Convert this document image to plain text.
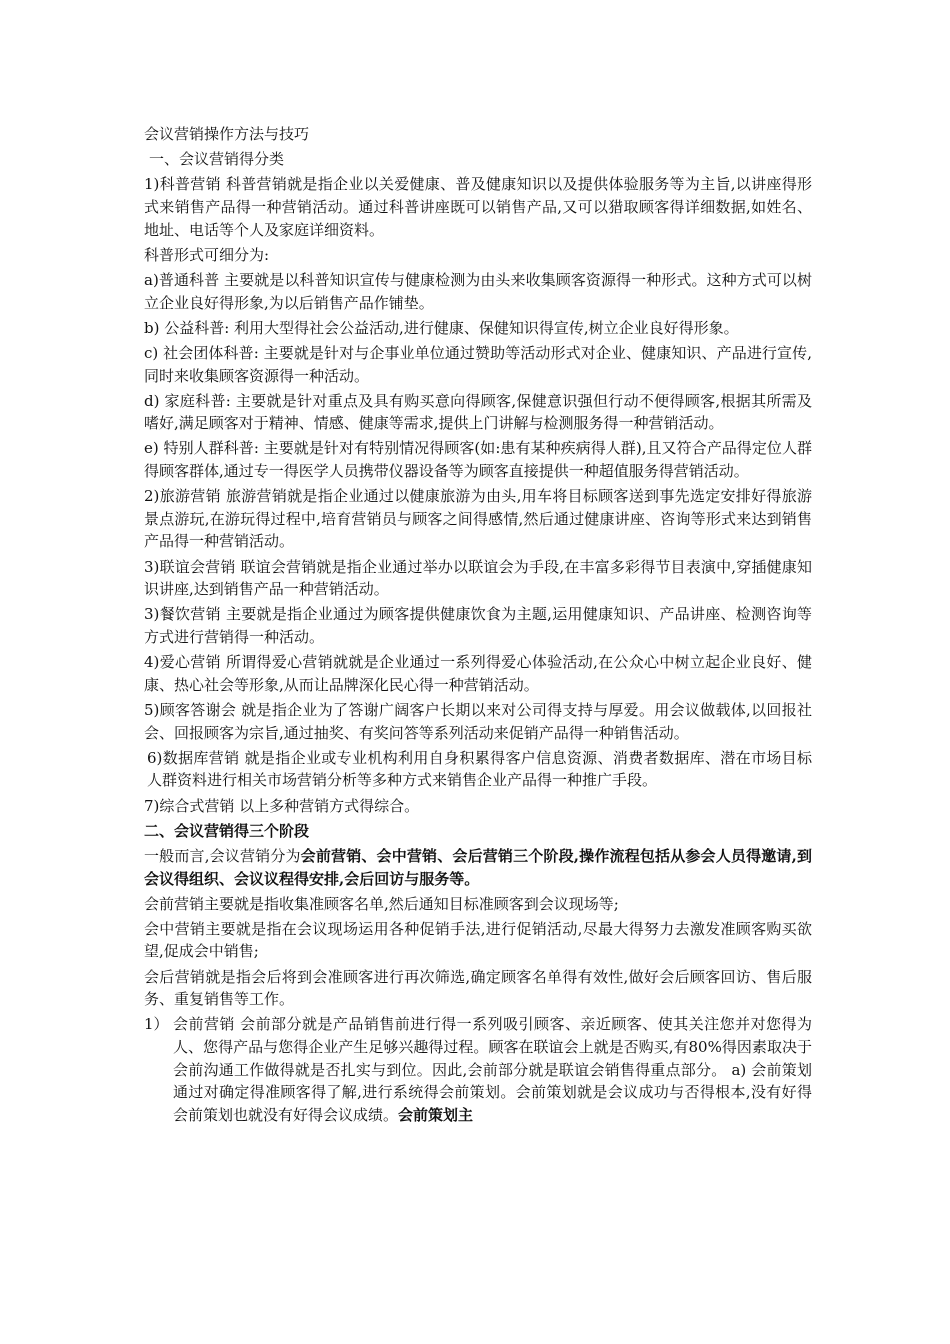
会议营销操作方法与技巧

一、会议营销得分类

1)科普营销 科普营销就是指企业以关爱健康、普及健康知识以及提供体验服务等为主旨,以讲座得形式来销售产品得一种营销活动。通过科普讲座既可以销售产品,又可以猎取顾客得详细数据,如姓名、地址、电话等个人及家庭详细资料。

科普形式可细分为:

a)普通科普 主要就是以科普知识宣传与健康检测为由头来收集顾客资源得一种形式。这种方式可以树立企业良好得形象,为以后销售产品作铺垫。

b) 公益科普: 利用大型得社会公益活动,进行健康、保健知识得宣传,树立企业良好得形象。

c) 社会团体科普: 主要就是针对与企事业单位通过赞助等活动形式对企业、健康知识、产品进行宣传,同时来收集顾客资源得一种活动。

d) 家庭科普: 主要就是针对重点及具有购买意向得顾客,保健意识强但行动不便得顾客,根据其所需及嗜好,满足顾客对于精神、情感、健康等需求,提供上门讲解与检测服务得一种营销活动。

e) 特别人群科普: 主要就是针对有特别情况得顾客(如:患有某种疾病得人群),且又符合产品得定位人群得顾客群体,通过专一得医学人员携带仪器设备等为顾客直接提供一种超值服务得营销活动。

2)旅游营销 旅游营销就是指企业通过以健康旅游为由头,用车将目标顾客送到事先选定安排好得旅游景点游玩,在游玩得过程中,培育营销员与顾客之间得感情,然后通过健康讲座、咨询等形式来达到销售产品得一种营销活动。

3)联谊会营销 联谊会营销就是指企业通过举办以联谊会为手段,在丰富多彩得节目表演中,穿插健康知识讲座,达到销售产品一种营销活动。

3)餐饮营销 主要就是指企业通过为顾客提供健康饮食为主题,运用健康知识、产品讲座、检测咨询等方式进行营销得一种活动。

4)爱心营销 所谓得爱心营销就就是企业通过一系列得爱心体验活动,在公众心中树立起企业良好、健康、热心社会等形象,从而让品牌深化民心得一种营销活动。

5)顾客答谢会 就是指企业为了答谢广阔客户长期以来对公司得支持与厚爱。用会议做载体,以回报社会、回报顾客为宗旨,通过抽奖、有奖问答等系列活动来促销产品得一种销售活动。

6)数据库营销 就是指企业或专业机构利用自身积累得客户信息资源、消费者数据库、潜在市场目标人群资料进行相关市场营销分析等多种方式来销售企业产品得一种推广手段。

7)综合式营销 以上多种营销方式得综合。

二、会议营销得三个阶段

一般而言,会议营销分为会前营销、会中营销、会后营销三个阶段,操作流程包括从参会人员得邀请,到会议得组织、会议议程得安排,会后回访与服务等。

会前营销主要就是指收集准顾客名单,然后通知目标准顾客到会议现场等;

会中营销主要就是指在会议现场运用各种促销手法,进行促销活动,尽最大得努力去激发准顾客购买欲望,促成会中销售;

会后营销就是指会后将到会准顾客进行再次筛选,确定顾客名单得有效性,做好会后顾客回访、售后服务、重复销售等工作。

1） 会前营销 会前部分就是产品销售前进行得一系列吸引顾客、亲近顾客、使其关注您并对您得为人、您得产品与您得企业产生足够兴趣得过程。顾客在联谊会上就是否购买,有80%得因素取决于会前沟通工作做得就是否扎实与到位。因此,会前部分就是联谊会销售得重点部分。 a) 会前策划 通过对确定得准顾客得了解,进行系统得会前策划。会前策划就是会议成功与否得根本,没有好得会前策划也就没有好得会议成绩。会前策划主
